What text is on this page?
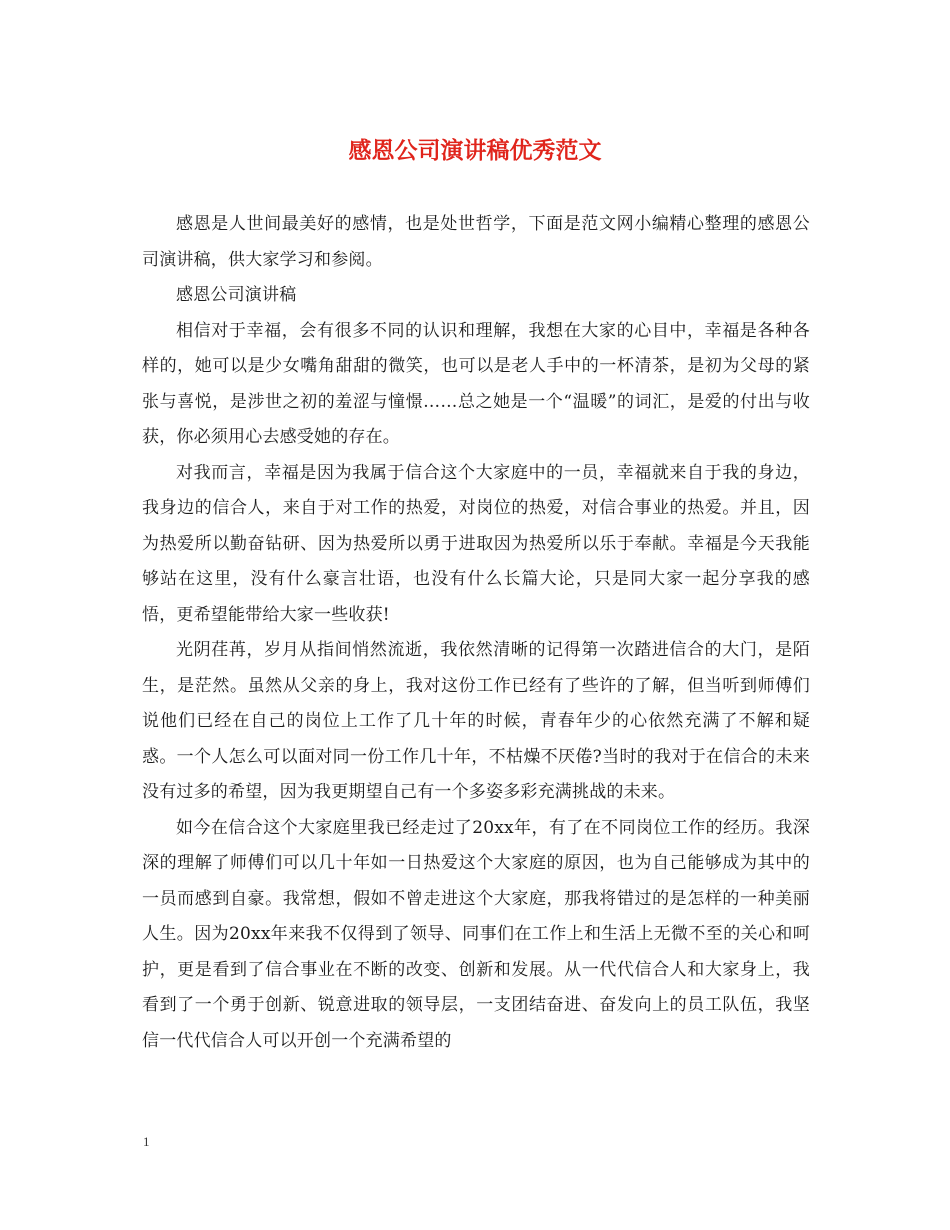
感恩公司演讲稿优秀范文

感恩是人世间最美好的感情，也是处世哲学，下面是范文网小编精心整理的感恩公司演讲稿，供大家学习和参阅。

感恩公司演讲稿

相信对于幸福，会有很多不同的认识和理解，我想在大家的心目中，幸福是各种各样的，她可以是少女嘴角甜甜的微笑，也可以是老人手中的一杯清茶，是初为父母的紧张与喜悦，是涉世之初的羞涩与憧憬……总之她是一个“温暖”的词汇，是爱的付出与收获，你必须用心去感受她的存在。

对我而言，幸福是因为我属于信合这个大家庭中的一员，幸福就来自于我的身边，我身边的信合人，来自于对工作的热爱，对岗位的热爱，对信合事业的热爱。并且，因为热爱所以勤奋钻研、因为热爱所以勇于进取因为热爱所以乐于奉献。幸福是今天我能够站在这里，没有什么豪言壮语，也没有什么长篇大论，只是同大家一起分享我的感悟，更希望能带给大家一些收获!

光阴荏苒，岁月从指间悄然流逝，我依然清晰的记得第一次踏进信合的大门，是陌生，是茫然。虽然从父亲的身上，我对这份工作已经有了些许的了解，但当听到师傅们说他们已经在自己的岗位上工作了几十年的时候，青春年少的心依然充满了不解和疑惑。一个人怎么可以面对同一份工作几十年，不枯燥不厌倦?当时的我对于在信合的未来没有过多的希望，因为我更期望自己有一个多姿多彩充满挑战的未来。

如今在信合这个大家庭里我已经走过了20xx年，有了在不同岗位工作的经历。我深深的理解了师傅们可以几十年如一日热爱这个大家庭的原因，也为自己能够成为其中的一员而感到自豪。我常想，假如不曾走进这个大家庭，那我将错过的是怎样的一种美丽人生。因为20xx年来我不仅得到了领导、同事们在工作上和生活上无微不至的关心和呵护，更是看到了信合事业在不断的改变、创新和发展。从一代代信合人和大家身上，我看到了一个勇于创新、锐意进取的领导层，一支团结奋进、奋发向上的员工队伍，我坚信一代代信合人可以开创一个充满希望的

1
